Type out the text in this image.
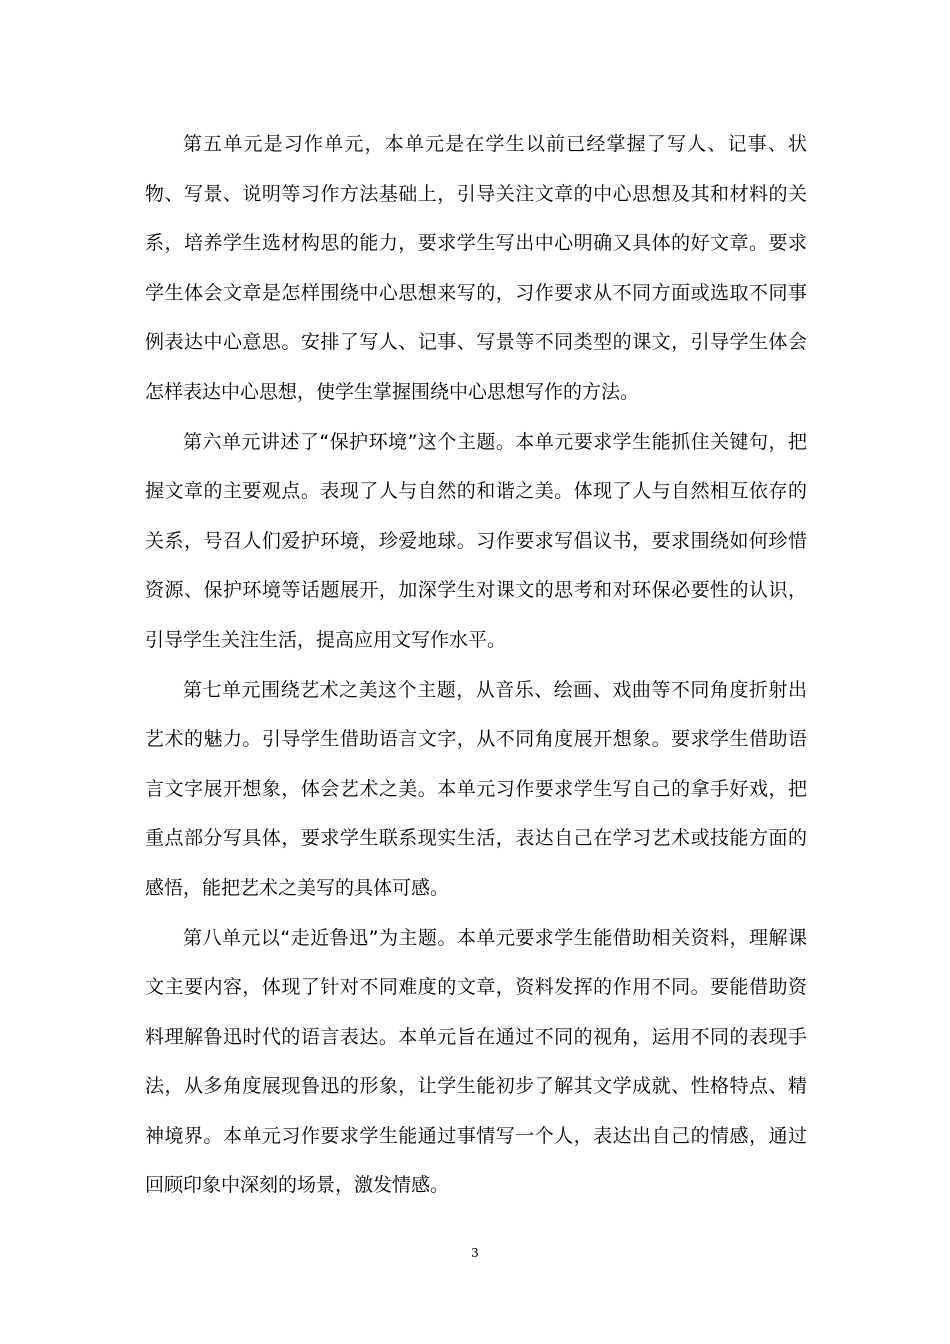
第五单元是习作单元，本单元是在学生以前已经掌握了写人、记事、状物、写景、说明等习作方法基础上，引导关注文章的中心思想及其和材料的关系，培养学生选材构思的能力，要求学生写出中心明确又具体的好文章。要求学生体会文章是怎样围绕中心思想来写的，习作要求从不同方面或选取不同事例表达中心意思。安排了写人、记事、写景等不同类型的课文，引导学生体会怎样表达中心思想，使学生掌握围绕中心思想写作的方法。

第六单元讲述了“保护环境”这个主题。本单元要求学生能抓住关键句，把握文章的主要观点。表现了人与自然的和谐之美。体现了人与自然相互依存的关系，号召人们爱护环境，珍爱地球。习作要求写倡议书，要求围绕如何珍惜资源、保护环境等话题展开，加深学生对课文的思考和对环保必要性的认识，引导学生关注生活，提高应用文写作水平。

第七单元围绕艺术之美这个主题，从音乐、绘画、戏曲等不同角度折射出艺术的魅力。引导学生借助语言文字，从不同角度展开想象。要求学生借助语言文字展开想象，体会艺术之美。本单元习作要求学生写自己的拿手好戏，把重点部分写具体，要求学生联系现实生活，表达自己在学习艺术或技能方面的感悟，能把艺术之美写的具体可感。

第八单元以“走近鲁迅”为主题。本单元要求学生能借助相关资料，理解课文主要内容，体现了针对不同难度的文章，资料发挥的作用不同。要能借助资料理解鲁迅时代的语言表达。本单元旨在通过不同的视角，运用不同的表现手法，从多角度展现鲁迅的形象，让学生能初步了解其文学成就、性格特点、精神境界。本单元习作要求学生能通过事情写一个人，表达出自己的情感，通过回顾印象中深刻的场景，激发情感。

3
